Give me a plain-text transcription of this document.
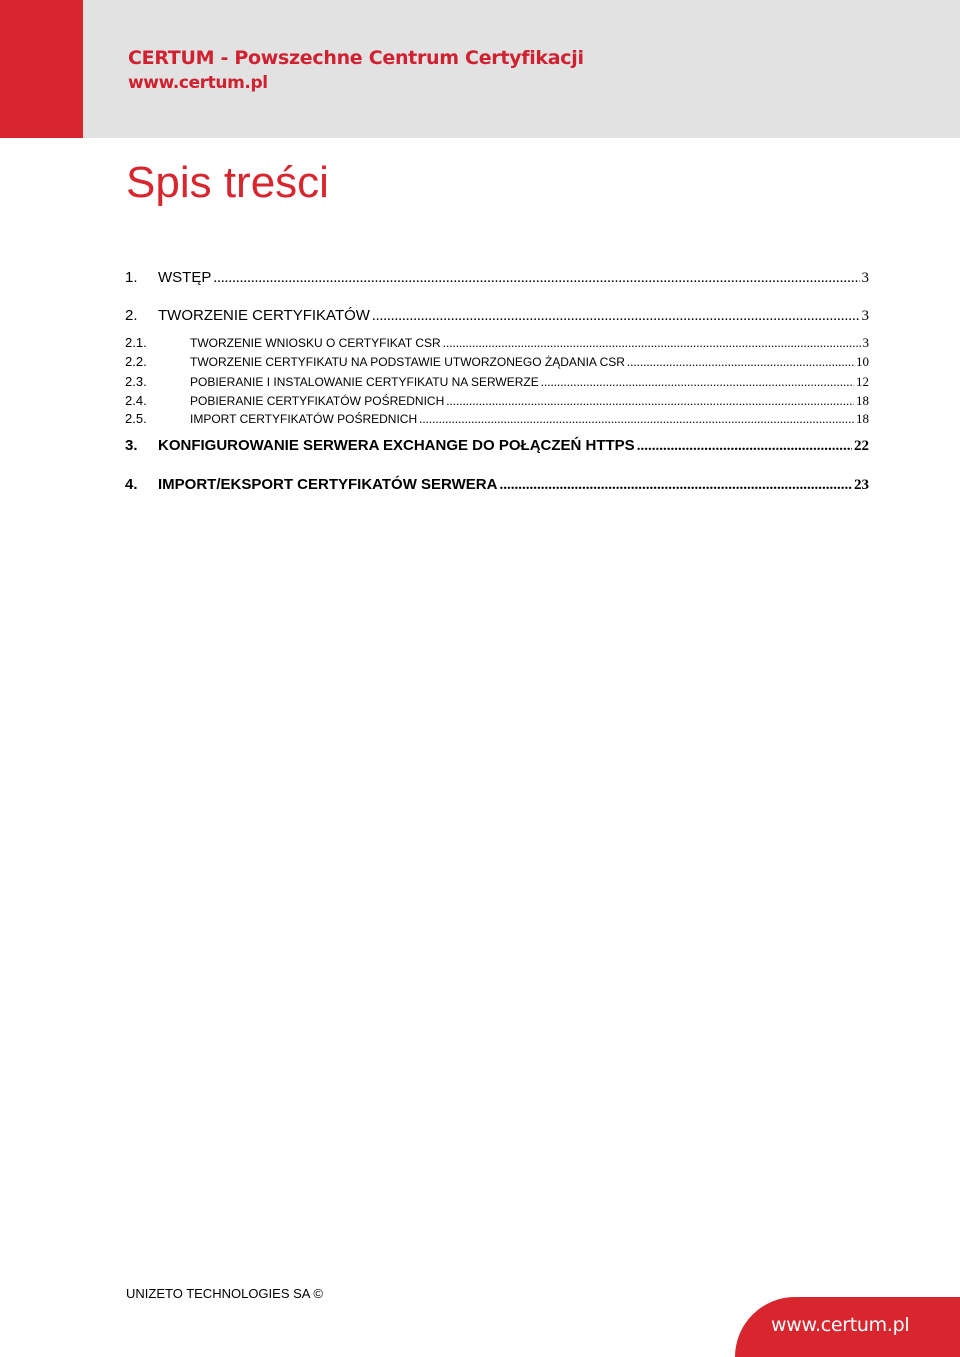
CERTUM - Powszechne Centrum Certyfikacji
www.certum.pl
Spis treści
1.	WSTĘP .....	3
2.	TWORZENIE CERTYFIKATÓW .....	3
2.1.	TWORZENIE WNIOSKU O CERTYFIKAT CSR .....	3
2.2.	TWORZENIE CERTYFIKATU NA PODSTAWIE UTWORZONEGO ŻĄDANIA CSR .....	10
2.3.	POBIERANIE I INSTALOWANIE CERTYFIKATU NA SERWERZE .....	12
2.4.	POBIERANIE CERTYFIKATÓW POŚREDNICH .....	18
2.5.	IMPORT CERTYFIKATÓW POŚREDNICH .....	18
3.	KONFIGUROWANIE SERWERA EXCHANGE DO POŁĄCZEŃ HTTPS .....	22
4.	IMPORT/EKSPORT CERTYFIKATÓW SERWERA .....	23
UNIZETO TECHNOLOGIES SA ©
www.certum.pl
